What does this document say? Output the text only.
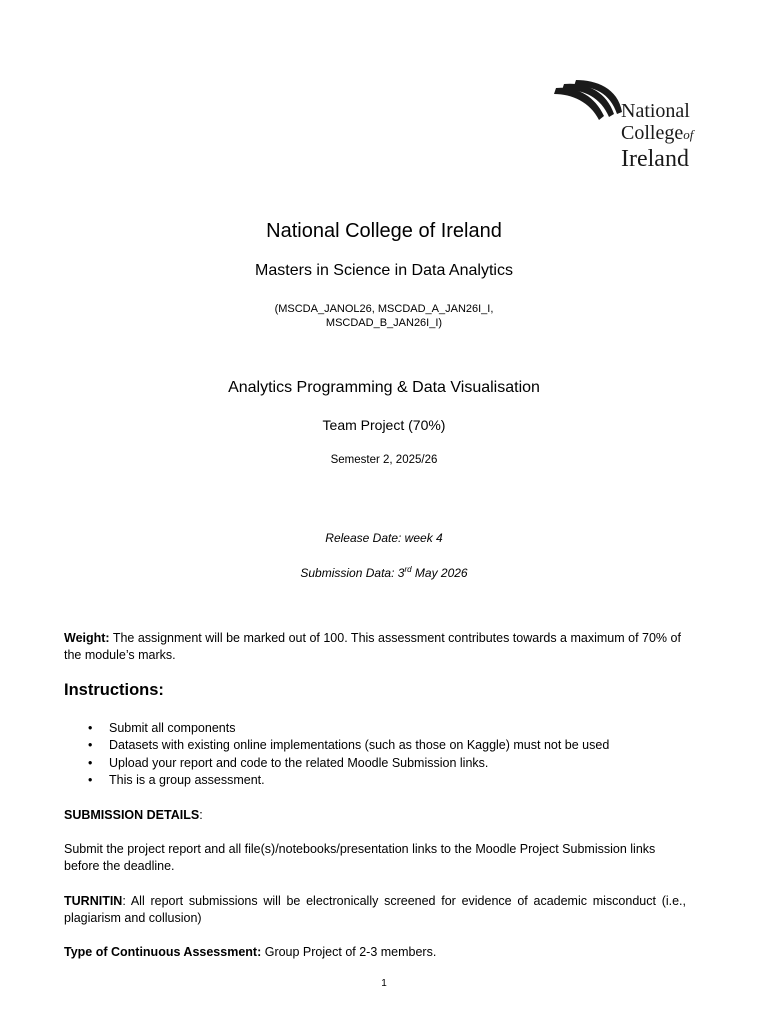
National
Collegeof
Ireland
National College of Ireland
Masters in Science in Data Analytics
(MSCDA_JANOL26, MSCDAD_A_JAN26I_I,
MSCDAD_B_JAN26I_I)
Analytics Programming & Data Visualisation
Team Project (70%)
Semester 2, 2025/26
Release Date: week 4
Submission Data: 3rd May 2026
Weight: The assignment will be marked out of 100. This assessment contributes towards a maximum of 70% of the module’s marks.
Instructions:
• Submit all components
• Datasets with existing online implementations (such as those on Kaggle) must not be used
• Upload your report and code to the related Moodle Submission links.
• This is a group assessment.
SUBMISSION DETAILS:
Submit the project report and all file(s)/notebooks/presentation links to the Moodle Project Submission links before the deadline.
TURNITIN: All report submissions will be electronically screened for evidence of academic misconduct (i.e., plagiarism and collusion)
Type of Continuous Assessment: Group Project of 2-3 members.
1
